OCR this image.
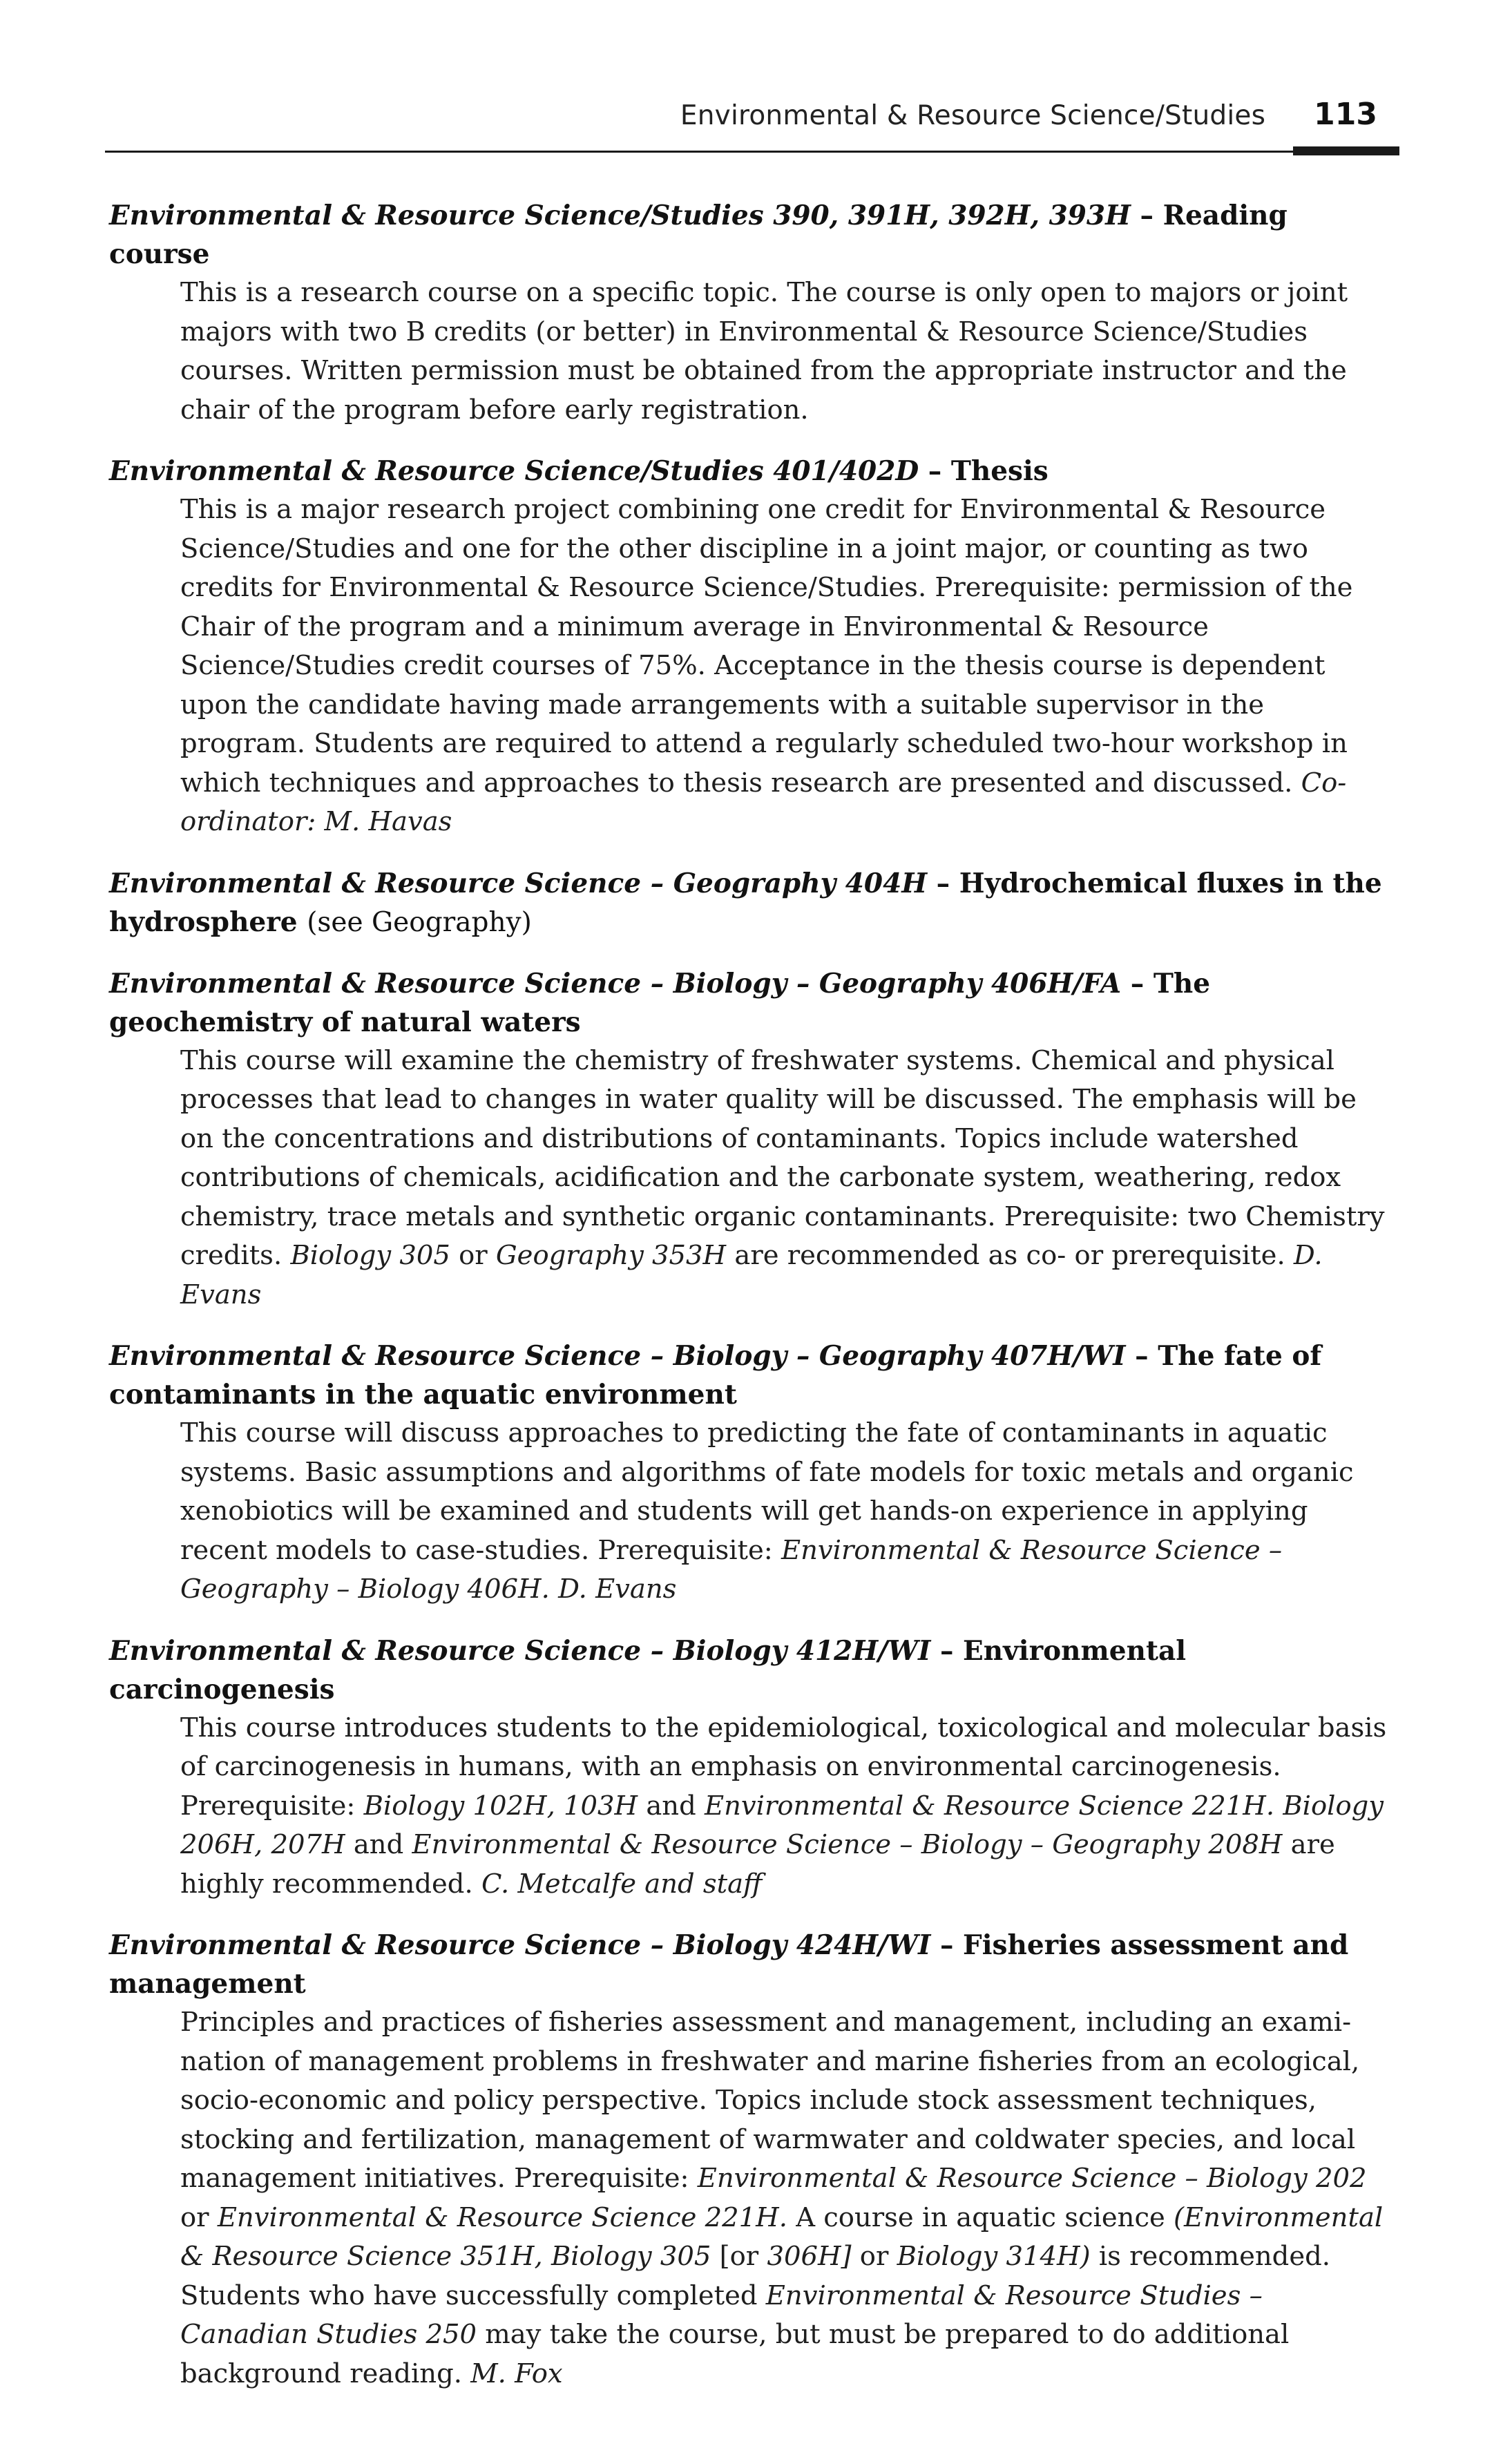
Environmental & Resource Science/Studies 113
Environmental & Resource Science/Studies 390, 391H, 392H, 393H – Reading course
This is a research course on a specific topic. The course is only open to majors or joint majors with two B credits (or better) in Environmental & Resource Science/Studies courses. Written permission must be obtained from the appropriate instructor and the chair of the program before early registration.
Environmental & Resource Science/Studies 401/402D – Thesis
This is a major research project combining one credit for Environmental & Resource Science/Studies and one for the other discipline in a joint major, or counting as two credits for Environmental & Resource Science/Studies. Prerequisite: permission of the Chair of the program and a minimum average in Environmental & Resource Science/Studies credit courses of 75%. Acceptance in the thesis course is dependent upon the candidate having made arrangements with a suitable supervisor in the program. Students are required to attend a regularly scheduled two-hour workshop in which techniques and approaches to thesis research are presented and discussed. Co-ordinator: M. Havas
Environmental & Resource Science – Geography 404H – Hydrochemical fluxes in the hydrosphere (see Geography)
Environmental & Resource Science – Biology – Geography 406H/FA – The geochemistry of natural waters
This course will examine the chemistry of freshwater systems. Chemical and physical processes that lead to changes in water quality will be discussed. The emphasis will be on the concentrations and distributions of contaminants. Topics include watershed contributions of chemicals, acidification and the carbonate system, weathering, redox chemistry, trace metals and synthetic organic contaminants. Prerequisite: two Chemistry credits. Biology 305 or Geography 353H are recommended as co- or prerequisite. D. Evans
Environmental & Resource Science – Biology – Geography 407H/WI – The fate of contaminants in the aquatic environment
This course will discuss approaches to predicting the fate of contaminants in aquatic systems. Basic assumptions and algorithms of fate models for toxic metals and organic xenobiotics will be examined and students will get hands-on experience in applying recent models to case-studies. Prerequisite: Environmental & Resource Science – Geography – Biology 406H. D. Evans
Environmental & Resource Science – Biology 412H/WI – Environmental carcinogenesis
This course introduces students to the epidemiological, toxicological and molecular basis of carcinogenesis in humans, with an emphasis on environmental carcinogenesis. Prerequisite: Biology 102H, 103H and Environmental & Resource Science 221H. Biology 206H, 207H and Environmental & Resource Science – Biology – Geography 208H are highly recommended. C. Metcalfe and staff
Environmental & Resource Science – Biology 424H/WI – Fisheries assessment and management
Principles and practices of fisheries assessment and management, including an examination of management problems in freshwater and marine fisheries from an ecological, socio-economic and policy perspective. Topics include stock assessment techniques, stocking and fertilization, management of warmwater and coldwater species, and local management initiatives. Prerequisite: Environmental & Resource Science – Biology 202 or Environmental & Resource Science 221H. A course in aquatic science (Environmental & Resource Science 351H, Biology 305 [or 306H] or Biology 314H) is recommended. Students who have successfully completed Environmental & Resource Studies – Canadian Studies 250 may take the course, but must be prepared to do additional background reading. M. Fox
